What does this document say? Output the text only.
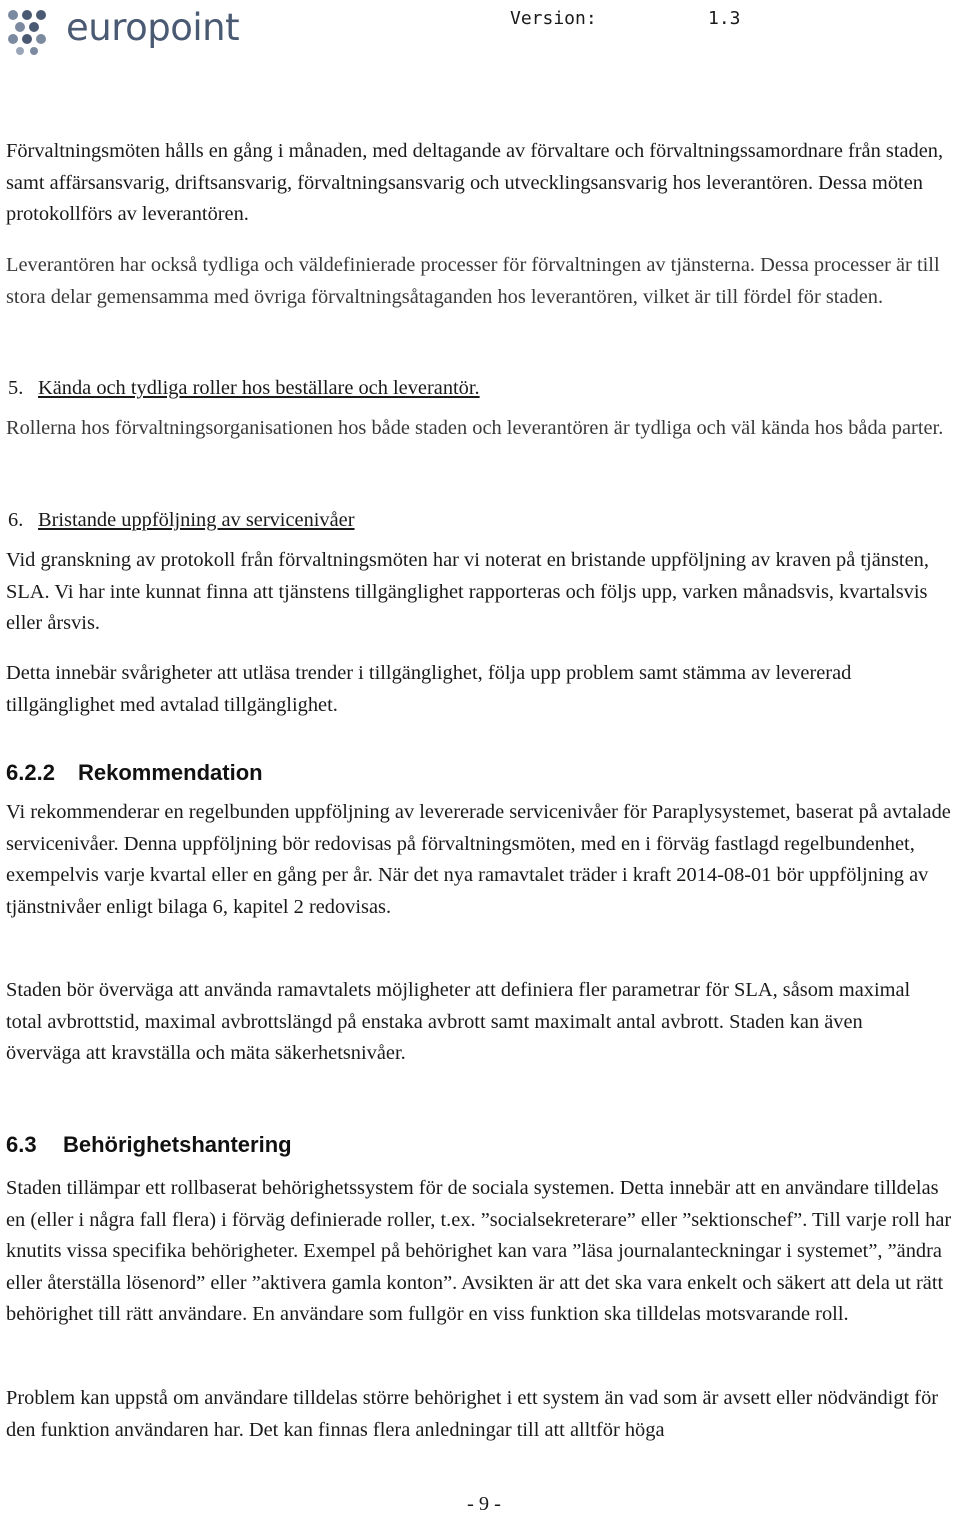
europoint	Version:	1.3

Förvaltningsmöten hålls en gång i månaden, med deltagande av förvaltare och förvaltningssamordnare från staden, samt affärsansvarig, driftsansvarig, förvaltningsansvarig och utvecklingsansvarig hos leverantören. Dessa möten protokollförs av leverantören.

Leverantören har också tydliga och väldefinierade processer för förvaltningen av tjänsterna. Dessa processer är till stora delar gemensamma med övriga förvaltningsåtaganden hos leverantören, vilket är till fördel för staden.

5. Kända och tydliga roller hos beställare och leverantör.

Rollerna hos förvaltningsorganisationen hos både staden och leverantören är tydliga och väl kända hos båda parter.

6. Bristande uppföljning av servicenivåer

Vid granskning av protokoll från förvaltningsmöten har vi noterat en bristande uppföljning av kraven på tjänsten, SLA. Vi har inte kunnat finna att tjänstens tillgänglighet rapporteras och följs upp, varken månadsvis, kvartalsvis eller årsvis.

Detta innebär svårigheter att utläsa trender i tillgänglighet, följa upp problem samt stämma av levererad tillgänglighet med avtalad tillgänglighet.

6.2.2 Rekommendation

Vi rekommenderar en regelbunden uppföljning av levererade servicenivåer för Paraplysystemet, baserat på avtalade servicenivåer. Denna uppföljning bör redovisas på förvaltningsmöten, med en i förväg fastlagd regelbundenhet, exempelvis varje kvartal eller en gång per år. När det nya ramavtalet träder i kraft 2014-08-01 bör uppföljning av tjänstnivåer enligt bilaga 6, kapitel 2 redovisas.

Staden bör överväga att använda ramavtalets möjligheter att definiera fler parametrar för SLA, såsom maximal total avbrottstid, maximal avbrottslängd på enstaka avbrott samt maximalt antal avbrott. Staden kan även överväga att kravställa och mäta säkerhetsnivåer.

6.3 Behörighetshantering

Staden tillämpar ett rollbaserat behörighetssystem för de sociala systemen. Detta innebär att en användare tilldelas en (eller i några fall flera) i förväg definierade roller, t.ex. ”socialsekreterare” eller ”sektionschef”. Till varje roll har knutits vissa specifika behörigheter. Exempel på behörighet kan vara ”läsa journalanteckningar i systemet”, ”ändra eller återställa lösenord” eller ”aktivera gamla konton”. Avsikten är att det ska vara enkelt och säkert att dela ut rätt behörighet till rätt användare. En användare som fullgör en viss funktion ska tilldelas motsvarande roll.

Problem kan uppstå om användare tilldelas större behörighet i ett system än vad som är avsett eller nödvändigt för den funktion användaren har. Det kan finnas flera anledningar till att alltför höga

- 9 -
